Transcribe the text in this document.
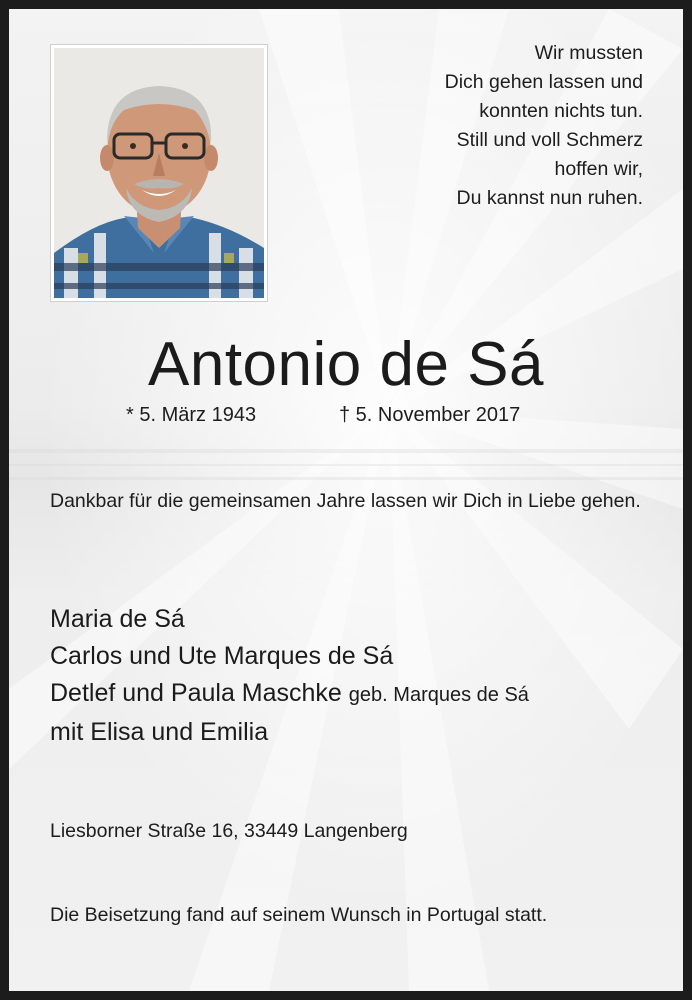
Wir mussten
Dich gehen lassen und
konnten nichts tun.
Still und voll Schmerz
hoffen wir,
Du kannst nun ruhen.
Antonio de Sá
* 5. März 1943	† 5. November 2017
Dankbar für die gemeinsamen Jahre lassen wir Dich in Liebe gehen.
Maria de Sá
Carlos und Ute Marques de Sá
Detlef und Paula Maschke geb. Marques de Sá
mit Elisa und Emilia
Liesborner Straße 16, 33449 Langenberg
Die Beisetzung fand auf seinem Wunsch in Portugal statt.
